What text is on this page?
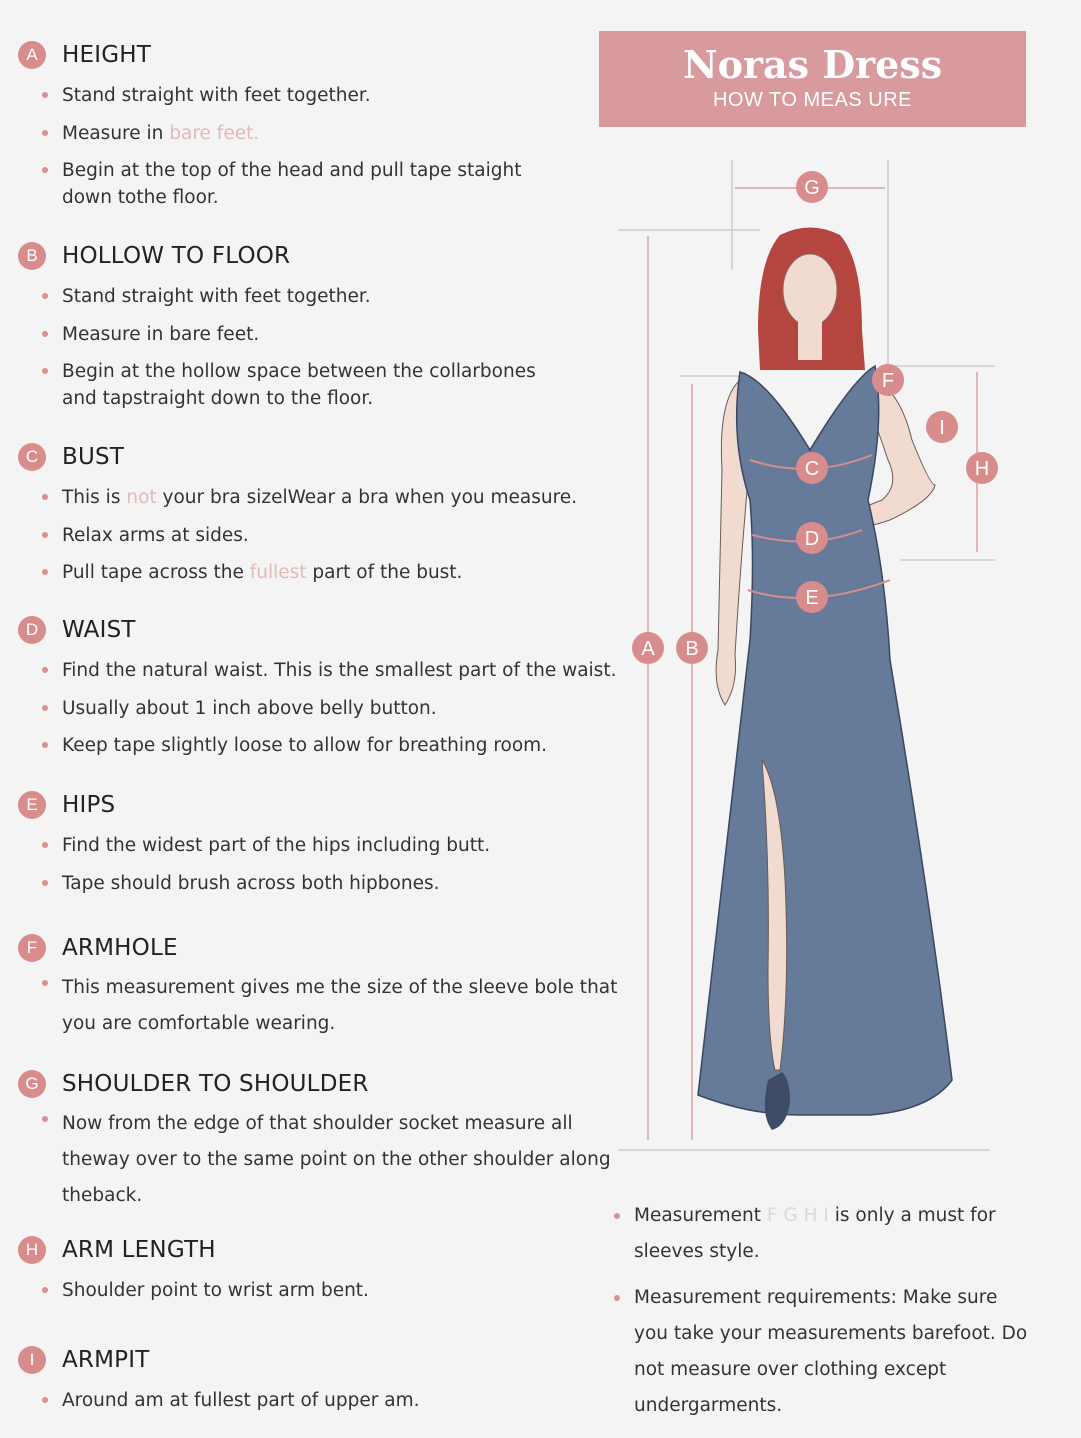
A	HEIGHT
Stand straight with feet together.
Measure in bare feet.
Begin at the top of the head and pull tape staight down tothe floor.
B	HOLLOW TO FLOOR
Stand straight with feet together.
Measure in bare feet.
Begin at the hollow space between the collarbones and tapstraight down to the floor.
C	BUST
This is not your bra sizelWear a bra when you measure.
Relax arms at sides.
Pull tape across the fullest part of the bust.
D	WAIST
Find the natural waist. This is the smallest part of the waist.
Usually about 1 inch above belly button.
Keep tape slightly loose to allow for breathing room.
E	HIPS
Find the widest part of the hips including butt.
Tape should brush across both hipbones.
F	ARMHOLE
This measurement gives me the size of the sleeve bole that you are comfortable wearing.
G	SHOULDER TO SHOULDER
Now from the edge of that shoulder socket measure all theway over to the same point on the other shoulder along theback.
H	ARM LENGTH
Shoulder point to wrist arm bent.
I	ARMPIT
Around am at fullest part of upper am.
Noras Dress
HOW TO MEAS URE
G
F
I
H
C
D
E
A B
Measurement F G H I is only a must for sleeves style.
Measurement requirements: Make sure you take your measurements barefoot. Do not measure over clothing except undergarments.
